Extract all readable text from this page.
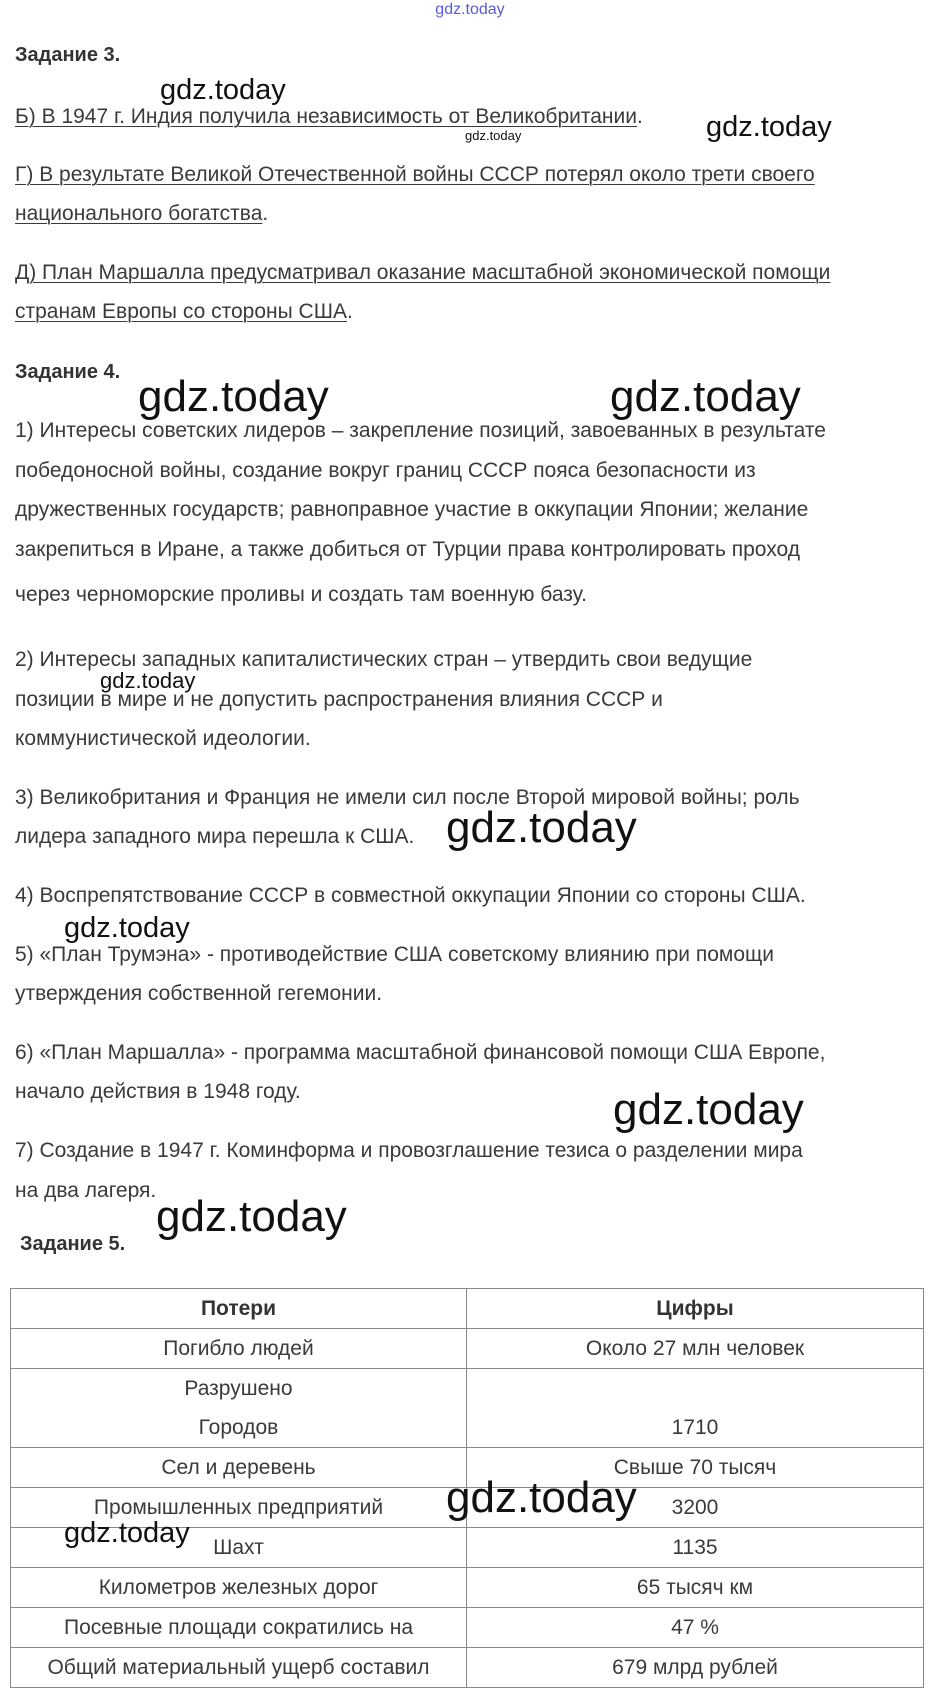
gdz.today
Задание 3.
Б) В 1947 г. Индия получила независимость от Великобритании.
Г) В результате Великой Отечественной войны СССР потерял около трети своего
национального богатства.
Д) План Маршалла предусматривал оказание масштабной экономической помощи
странам Европы со стороны США.
Задание 4.
1) Интересы советских лидеров – закрепление позиций, завоеванных в результате
победоносной войны, создание вокруг границ СССР пояса безопасности из
дружественных государств; равноправное участие в оккупации Японии; желание
закрепиться в Иране, а также добиться от Турции права контролировать проход
через черноморские проливы и создать там военную базу.
2) Интересы западных капиталистических стран – утвердить свои ведущие
позиции в мире и не допустить распространения влияния СССР и
коммунистической идеологии.
3) Великобритания и Франция не имели сил после Второй мировой войны; роль
лидера западного мира перешла к США.
4) Воспрепятствование СССР в совместной оккупации Японии со стороны США.
5) «План Трумэна» - противодействие США советскому влиянию при помощи
утверждения собственной гегемонии.
6) «План Маршалла» - программа масштабной финансовой помощи США Европе,
начало действия в 1948 году.
7) Создание в 1947 г. Коминформа и провозглашение тезиса о разделении мира
на два лагеря.
Задание 5.
Потери	Цифры
Погибло людей	Около 27 млн человек

Разрушено
Городов	1710

Сел и деревень	Свыше 70 тысяч
Промышленных предприятий	3200
Шахт	1135
Километров железных дорог	65 тысяч км
Посевные площади сократились на	47 %
Общий материальный ущерб составил	679 млрд рублей
gdz.today
gdz.today	gdz.today
gdz.today	gdz.today
gdz.today
gdz.today
gdz.today
gdz.today
gdz.today
gdz.today
gdz.today
